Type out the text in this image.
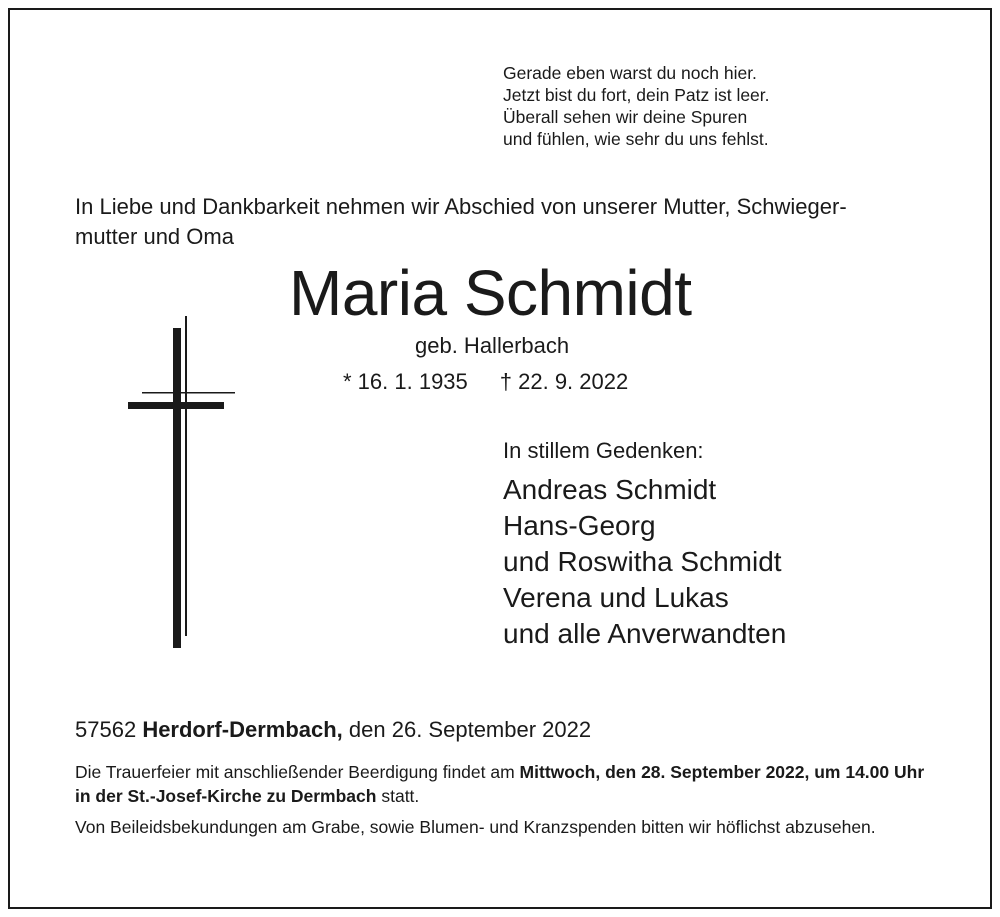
Gerade eben warst du noch hier.
Jetzt bist du fort, dein Patz ist leer.
Überall sehen wir deine Spuren
und fühlen, wie sehr du uns fehlst.
In Liebe und Dankbarkeit nehmen wir Abschied von unserer Mutter, Schwieger-
mutter und Oma
Maria Schmidt
geb. Hallerbach
* 16. 1. 1935 † 22. 9. 2022
In stillem Gedenken:
Andreas Schmidt
Hans-Georg
und Roswitha Schmidt
Verena und Lukas
und alle Anverwandten
57562 Herdorf-Dermbach, den 26. September 2022
Die Trauerfeier mit anschließender Beerdigung findet am Mittwoch, den 28. September 2022, um 14.00 Uhr in der St.-Josef-Kirche zu Dermbach statt.
Von Beileidsbekundungen am Grabe, sowie Blumen- und Kranzspenden bitten wir höflichst abzusehen.
